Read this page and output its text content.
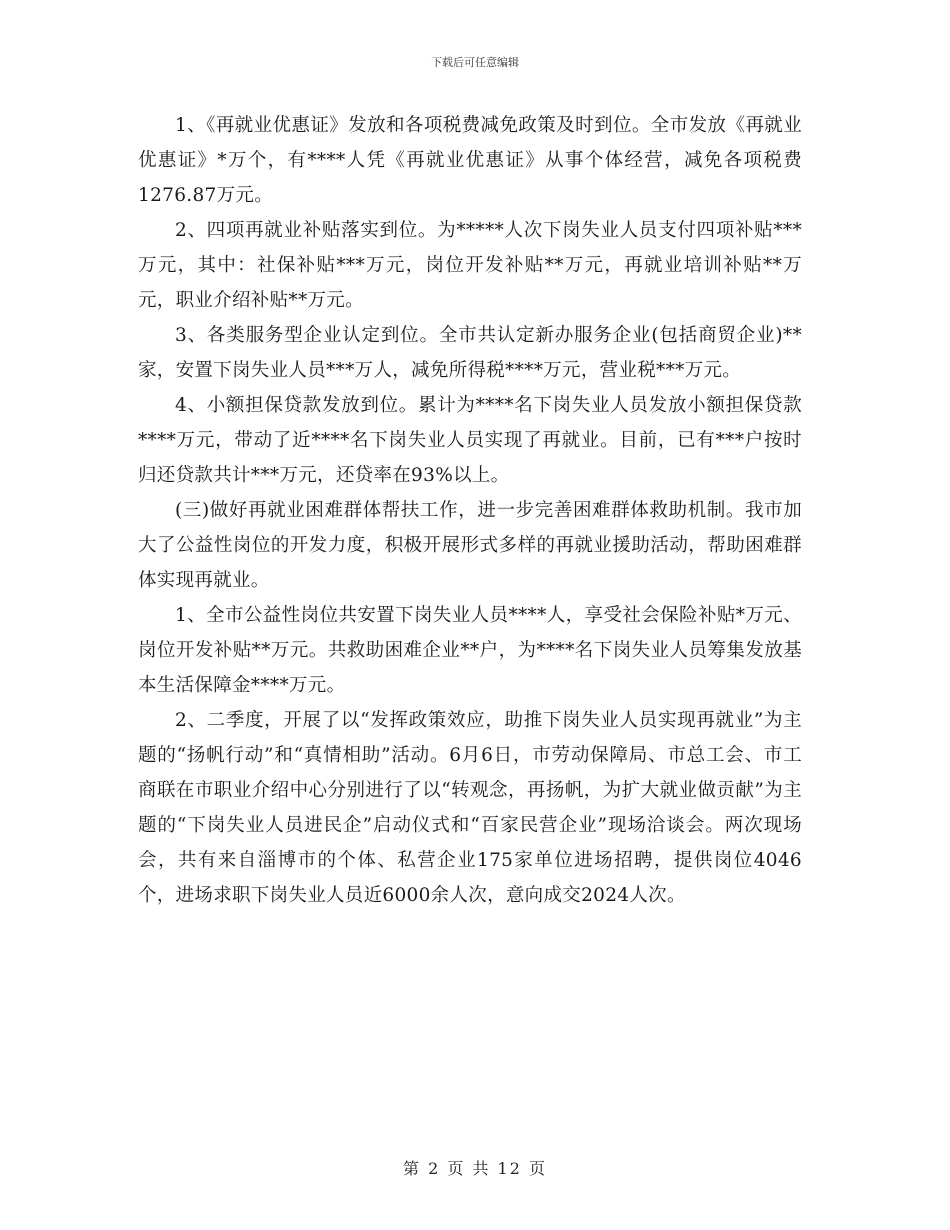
下载后可任意编辑

1、《再就业优惠证》发放和各项税费减免政策及时到位。全市发放《再就业优惠证》*万个，有****人凭《再就业优惠证》从事个体经营，减免各项税费1276.87万元。

2、四项再就业补贴落实到位。为*****人次下岗失业人员支付四项补贴***万元，其中：社保补贴***万元，岗位开发补贴**万元，再就业培训补贴**万元，职业介绍补贴**万元。

3、各类服务型企业认定到位。全市共认定新办服务企业(包括商贸企业)**家，安置下岗失业人员***万人，减免所得税****万元，营业税***万元。

4、小额担保贷款发放到位。累计为****名下岗失业人员发放小额担保贷款****万元，带动了近****名下岗失业人员实现了再就业。目前，已有***户按时归还贷款共计***万元，还贷率在93%以上。

(三)做好再就业困难群体帮扶工作，进一步完善困难群体救助机制。我市加大了公益性岗位的开发力度，积极开展形式多样的再就业援助活动，帮助困难群体实现再就业。

1、全市公益性岗位共安置下岗失业人员****人，享受社会保险补贴*万元、岗位开发补贴**万元。共救助困难企业**户，为****名下岗失业人员筹集发放基本生活保障金****万元。

2、二季度，开展了以“发挥政策效应，助推下岗失业人员实现再就业”为主题的“扬帆行动”和“真情相助”活动。6月6日，市劳动保障局、市总工会、市工商联在市职业介绍中心分别进行了以“转观念，再扬帆，为扩大就业做贡献”为主题的“下岗失业人员进民企”启动仪式和“百家民营企业”现场洽谈会。两次现场会，共有来自淄博市的个体、私营企业175家单位进场招聘，提供岗位4046个，进场求职下岗失业人员近6000余人次，意向成交2024人次。

第 2 页 共 12 页
